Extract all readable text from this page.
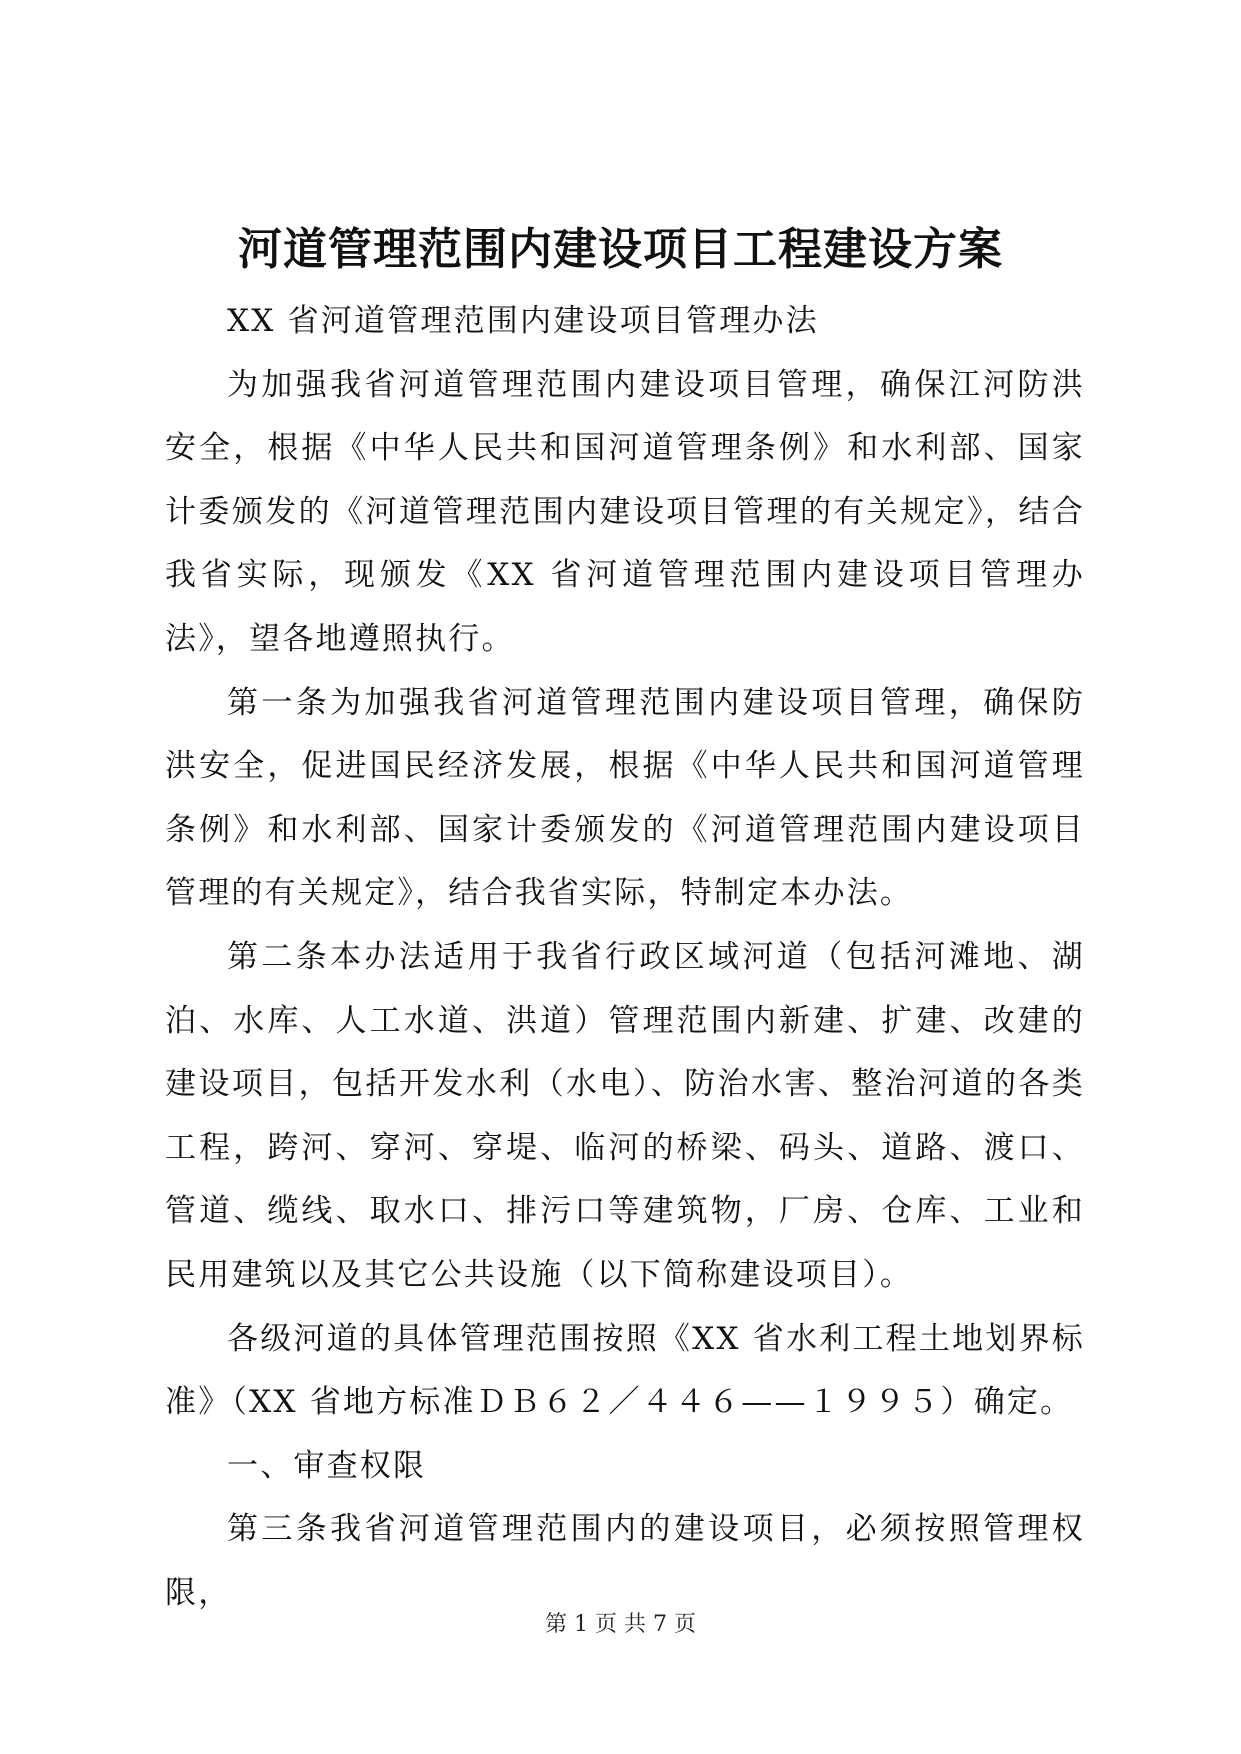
河道管理范围内建设项目工程建设方案

XX 省河道管理范围内建设项目管理办法

为加强我省河道管理范围内建设项目管理，确保江河防洪安全，根据《中华人民共和国河道管理条例》和水利部、国家计委颁发的《河道管理范围内建设项目管理的有关规定》，结合我省实际，现颁发《XX 省河道管理范围内建设项目管理办法》，望各地遵照执行。

第一条为加强我省河道管理范围内建设项目管理，确保防洪安全，促进国民经济发展，根据《中华人民共和国河道管理条例》和水利部、国家计委颁发的《河道管理范围内建设项目管理的有关规定》，结合我省实际，特制定本办法。

第二条本办法适用于我省行政区域河道（包括河滩地、湖泊、水库、人工水道、洪道）管理范围内新建、扩建、改建的建设项目，包括开发水利（水电）、防治水害、整治河道的各类工程，跨河、穿河、穿堤、临河的桥梁、码头、道路、渡口、管道、缆线、取水口、排污口等建筑物，厂房、仓库、工业和民用建筑以及其它公共设施（以下简称建设项目）。

各级河道的具体管理范围按照《XX 省水利工程土地划界标准》（XX 省地方标准ＤＢ６２／４４６——１９９５）确定。

一、审查权限

第三条我省河道管理范围内的建设项目，必须按照管理权限，

第 1 页 共 7 页
